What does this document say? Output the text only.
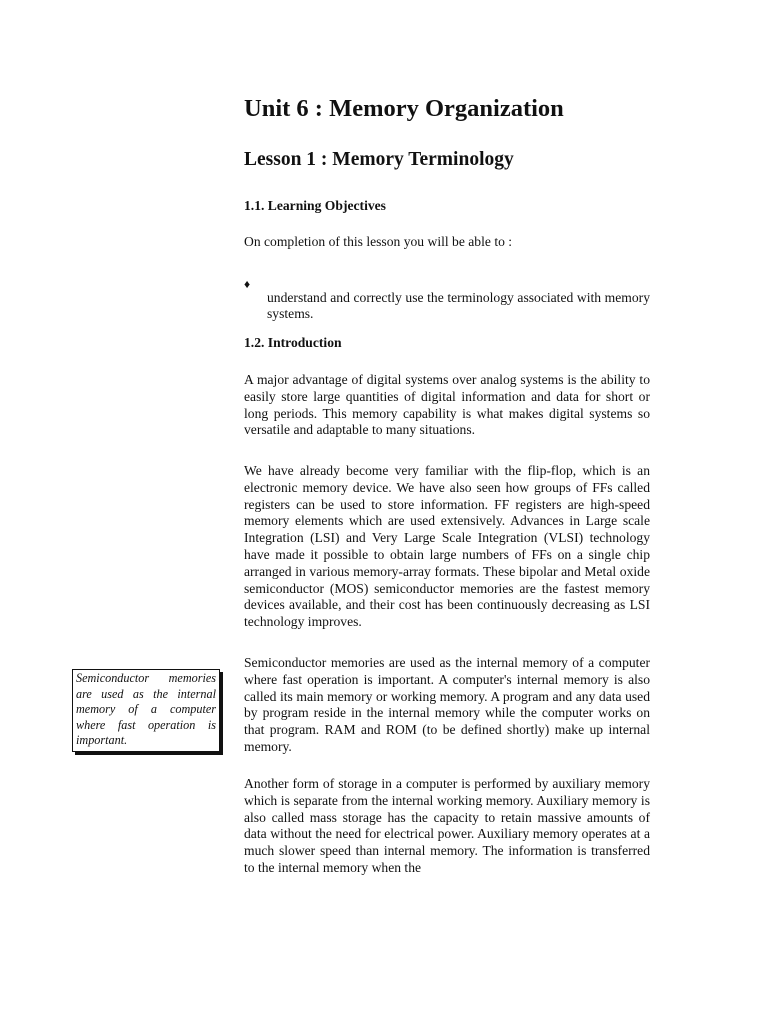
Unit 6 : Memory Organization
Lesson 1 : Memory Terminology
1.1. Learning Objectives

On completion of this lesson you will be able to :

♦

understand and correctly use the terminology associated with memory systems.

1.2. Introduction

A major advantage of digital systems over analog systems is the ability to easily store large quantities of digital information and data for short or long periods. This memory capability is what makes digital systems so versatile and adaptable to many situations.

We have already become very familiar with the flip-flop, which is an electronic memory device. We have also seen how groups of FFs called registers can be used to store information. FF registers are high-speed memory elements which are used extensively. Advances in Large scale Integration (LSI) and Very Large Scale Integration (VLSI) technology have made it possible to obtain large numbers of FFs on a single chip arranged in various memory-array formats. These bipolar and Metal oxide semiconductor (MOS) semiconductor memories are the fastest memory devices available, and their cost has been continuously decreasing as LSI technology improves.

Semiconductor memories are used as the internal memory of a computer where fast operation is important. A computer's internal memory is also called its main memory or working memory. A program and any data used by program reside in the internal memory while the computer works on that program. RAM and ROM (to be defined shortly) make up internal memory.

Another form of storage in a computer is performed by auxiliary memory which is separate from the internal working memory. Auxiliary memory is also called mass storage has the capacity to retain massive amounts of data without the need for electrical power. Auxiliary memory operates at a much slower speed than internal memory. The information is transferred to the internal memory when the

Semiconductor memories are used as the internal memory of a computer where fast operation is important.
